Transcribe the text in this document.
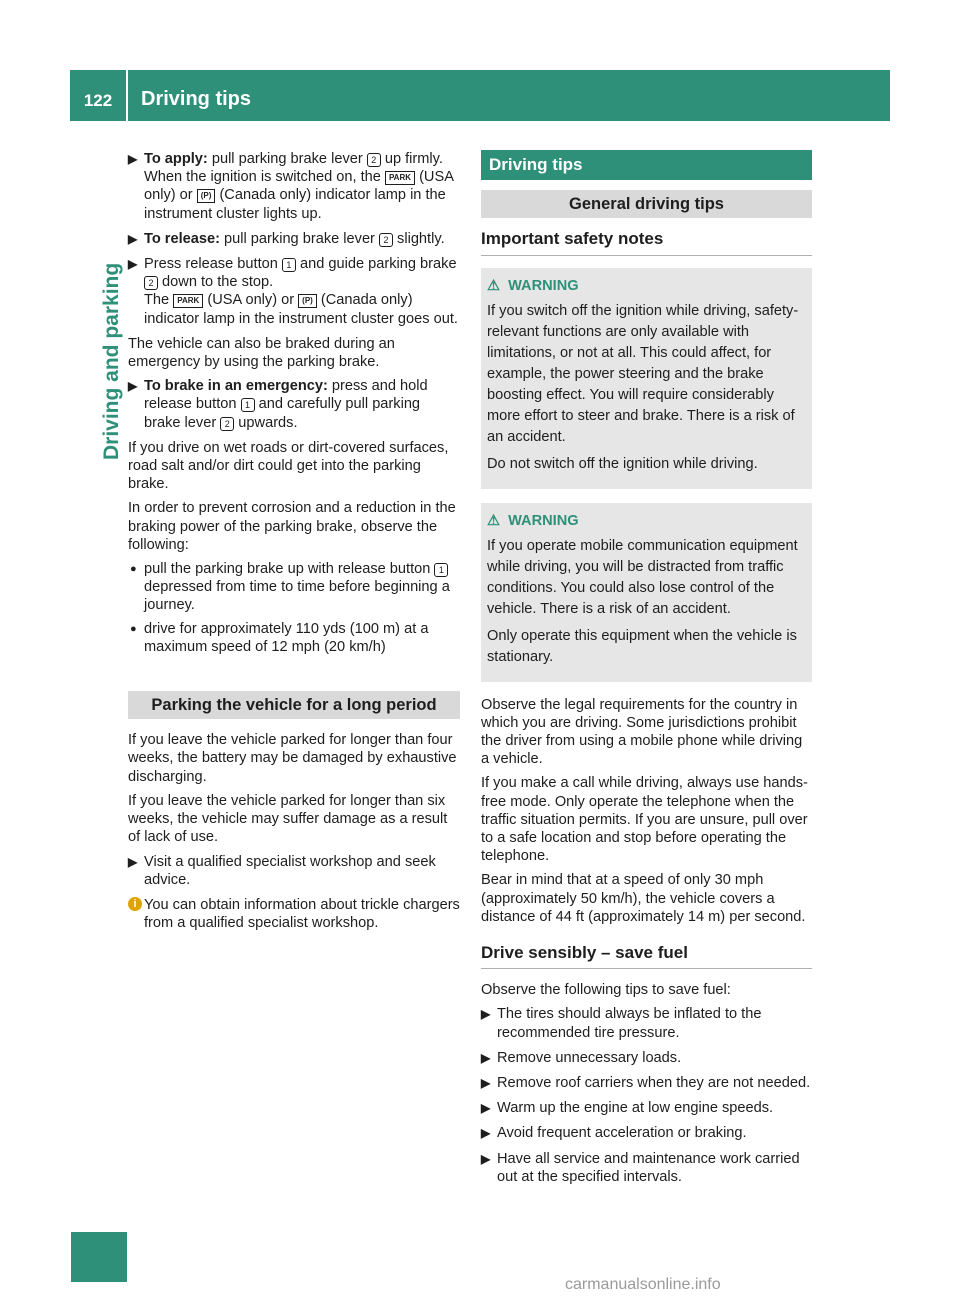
122	Driving tips
Driving and parking
▶ To apply: pull parking brake lever 2 up firmly.
When the ignition is switched on, the PARK (USA only) or (P) (Canada only) indicator lamp in the instrument cluster lights up.
▶ To release: pull parking brake lever 2 slightly.
▶ Press release button 1 and guide parking brake 2 down to the stop.
The PARK (USA only) or (P) (Canada only) indicator lamp in the instrument cluster goes out.

The vehicle can also be braked during an emergency by using the parking brake.

▶ To brake in an emergency: press and hold release button 1 and carefully pull parking brake lever 2 upwards.

If you drive on wet roads or dirt-covered surfaces, road salt and/or dirt could get into the parking brake.

In order to prevent corrosion and a reduction in the braking power of the parking brake, observe the following:

● pull the parking brake up with release button 1 depressed from time to time before beginning a journey.
● drive for approximately 110 yds (100 m) at a maximum speed of 12 mph (20 km/h)
Parking the vehicle for a long period

If you leave the vehicle parked for longer than four weeks, the battery may be damaged by exhaustive discharging.

If you leave the vehicle parked for longer than six weeks, the vehicle may suffer damage as a result of lack of use.

▶ Visit a qualified specialist workshop and seek advice.
i You can obtain information about trickle chargers from a qualified specialist workshop.
Driving tips
General driving tips
Important safety notes
⚠ WARNING

If you switch off the ignition while driving, safety-relevant functions are only available with limitations, or not at all. This could affect, for example, the power steering and the brake boosting effect. You will require considerably more effort to steer and brake. There is a risk of an accident.

Do not switch off the ignition while driving.

⚠ WARNING

If you operate mobile communication equipment while driving, you will be distracted from traffic conditions. You could also lose control of the vehicle. There is a risk of an accident.

Only operate this equipment when the vehicle is stationary.

Observe the legal requirements for the country in which you are driving. Some jurisdictions prohibit the driver from using a mobile phone while driving a vehicle.

If you make a call while driving, always use hands-free mode. Only operate the telephone when the traffic situation permits. If you are unsure, pull over to a safe location and stop before operating the telephone.

Bear in mind that at a speed of only 30 mph (approximately 50 km/h), the vehicle covers a distance of 44 ft (approximately 14 m) per second.

Drive sensibly – save fuel

Observe the following tips to save fuel:

▶ The tires should always be inflated to the recommended tire pressure.
▶ Remove unnecessary loads.
▶ Remove roof carriers when they are not needed.
▶ Warm up the engine at low engine speeds.
▶ Avoid frequent acceleration or braking.
▶ Have all service and maintenance work carried out at the specified intervals.
carmanualsonline.info
